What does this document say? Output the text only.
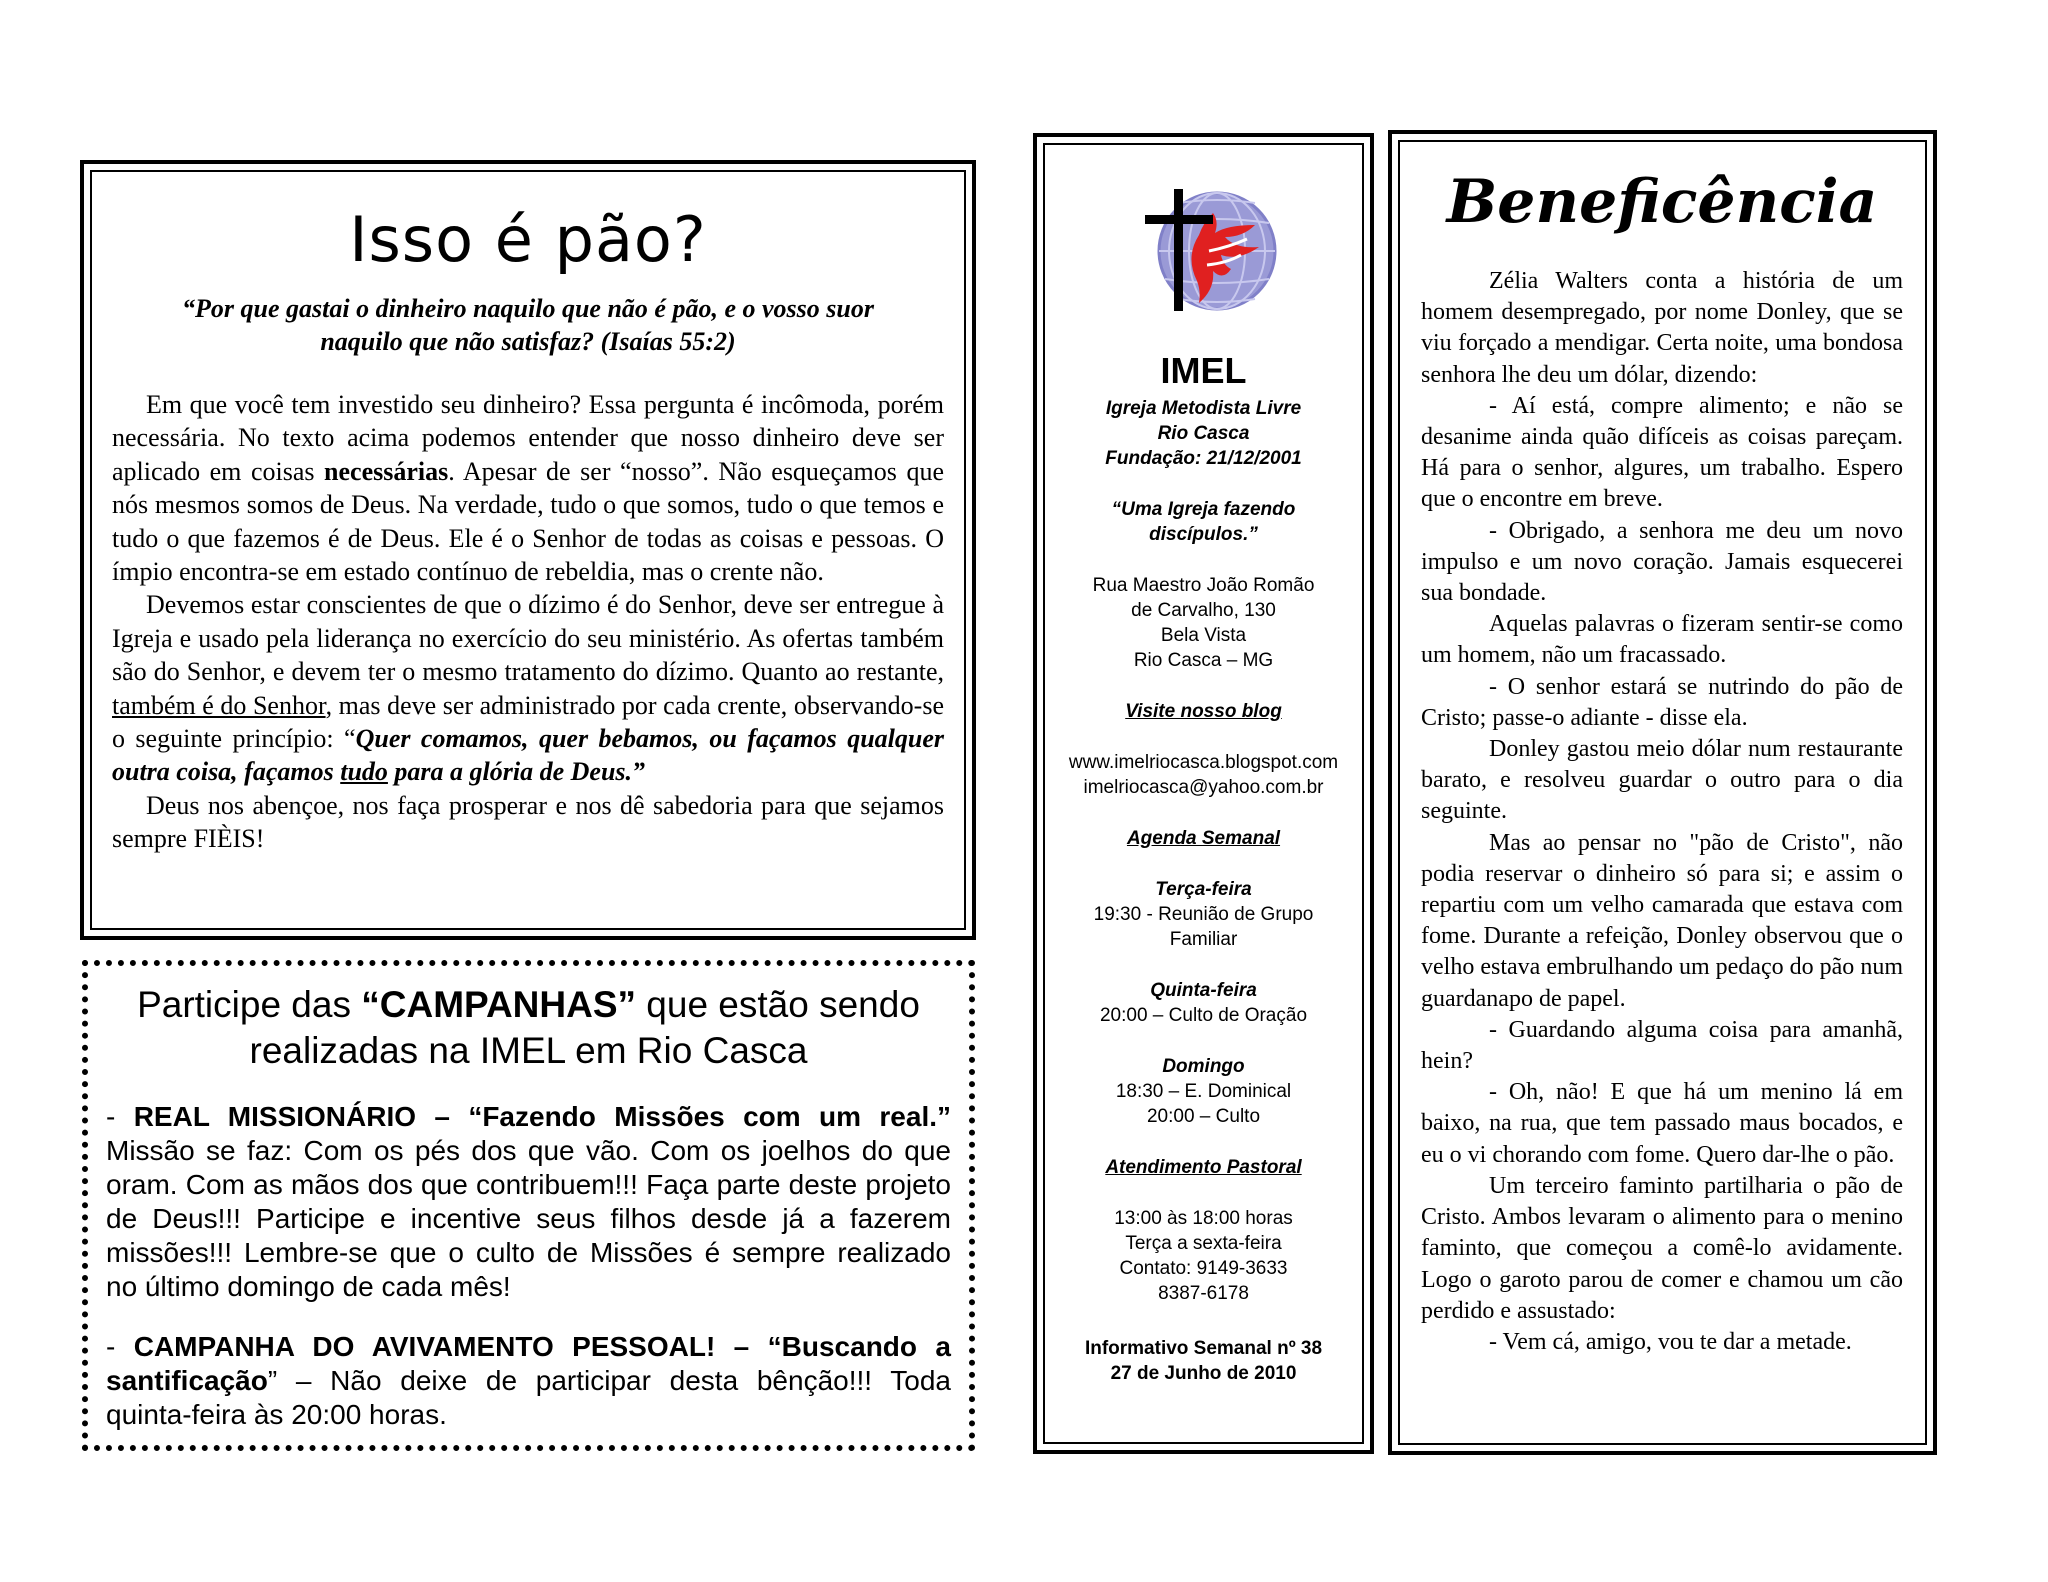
Isso é pão?
“Por que gastai o dinheiro naquilo que não é pão, e o vosso suor naquilo que não satisfaz? (Isaías 55:2)

Em que você tem investido seu dinheiro? Essa pergunta é incômoda, porém necessária. No texto acima podemos entender que nosso dinheiro deve ser aplicado em coisas necessárias. Apesar de ser “nosso”. Não esqueçamos que nós mesmos somos de Deus. Na verdade, tudo o que somos, tudo o que temos e tudo o que fazemos é de Deus. Ele é o Senhor de todas as coisas e pessoas. O ímpio encontra-se em estado contínuo de rebeldia, mas o crente não.

Devemos estar conscientes de que o dízimo é do Senhor, deve ser entregue à Igreja e usado pela liderança no exercício do seu ministério. As ofertas também são do Senhor, e devem ter o mesmo tratamento do dízimo. Quanto ao restante, também é do Senhor, mas deve ser administrado por cada crente, observando-se o seguinte princípio: “Quer comamos, quer bebamos, ou façamos qualquer outra coisa, façamos tudo para a glória de Deus.”

Deus nos abençoe, nos faça prosperar e nos dê sabedoria para que sejamos sempre FIÈIS!

Participe das “CAMPANHAS” que estão sendo realizadas na IMEL em Rio Casca
- REAL MISSIONÁRIO – “Fazendo Missões com um real.” Missão se faz: Com os pés dos que vão. Com os joelhos do que oram. Com as mãos dos que contribuem!!! Faça parte deste projeto de Deus!!! Participe e incentive seus filhos desde já a fazerem missões!!! Lembre-se que o culto de Missões é sempre realizado no último domingo de cada mês!
- CAMPANHA DO AVIVAMENTO PESSOAL! – “Buscando a santificação” – Não deixe de participar desta bênção!!! Toda quinta-feira às 20:00 horas.
IMEL
Igreja Metodista Livre
Rio Casca
Fundação: 21/12/2001
“Uma Igreja fazendo
discípulos.”
Rua Maestro João Romão
de Carvalho, 130
Bela Vista
Rio Casca – MG
Visite nosso blog
www.imelriocasca.blogspot.com
imelriocasca@yahoo.com.br
Agenda Semanal
Terça-feira
19:30 - Reunião de Grupo
Familiar
Quinta-feira
20:00 – Culto de Oração
Domingo
18:30 – E. Dominical
20:00 – Culto
Atendimento Pastoral
13:00 às 18:00 horas
Terça a sexta-feira
Contato: 9149-3633
8387-6178
Informativo Semanal nº 38
27 de Junho de 2010
Beneficência

Zélia Walters conta a história de um homem desempregado, por nome Donley, que se viu forçado a mendigar. Certa noite, uma bondosa senhora lhe deu um dólar, dizendo:

- Aí está, compre alimento; e não se desanime ainda quão difíceis as coisas pareçam. Há para o senhor, algures, um trabalho. Espero que o encontre em breve.

- Obrigado, a senhora me deu um novo impulso e um novo coração. Jamais esquecerei sua bondade.

Aquelas palavras o fizeram sentir-se como um homem, não um fracassado.

- O senhor estará se nutrindo do pão de Cristo; passe-o adiante - disse ela.

Donley gastou meio dólar num restaurante barato, e resolveu guardar o outro para o dia seguinte.

Mas ao pensar no "pão de Cristo", não podia reservar o dinheiro só para si; e assim o repartiu com um velho camarada que estava com fome. Durante a refeição, Donley observou que o velho estava embrulhando um pedaço do pão num guardanapo de papel.

- Guardando alguma coisa para amanhã, hein?

- Oh, não! E que há um menino lá em baixo, na rua, que tem passado maus bocados, e eu o vi chorando com fome. Quero dar-lhe o pão.

Um terceiro faminto partilharia o pão de Cristo. Ambos levaram o alimento para o menino faminto, que começou a comê-lo avidamente. Logo o garoto parou de comer e chamou um cão perdido e assustado:

- Vem cá, amigo, vou te dar a metade.
